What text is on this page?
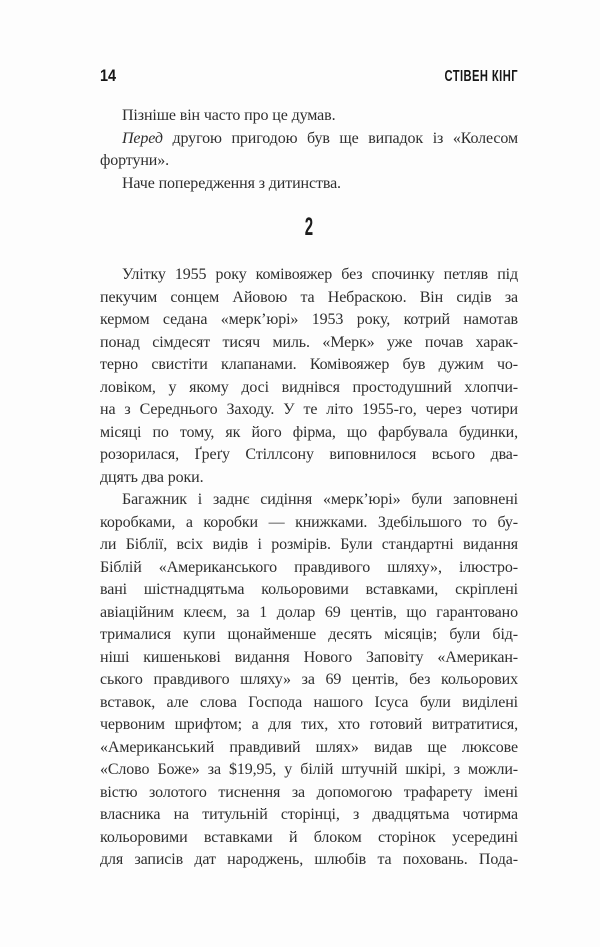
14	СТІВЕН КІНГ
Пізніше він часто про це думав.
Перед другою пригодою був ще випадок із «Колесом
фортуни».
Наче попередження з дитинства.
2
Улітку 1955 року комівояжер без спочинку петляв під
пекучим сонцем Айовою та Небраскою. Він сидів за
кермом седана «мерк’юрі» 1953 року, котрий намотав
понад сімдесят тисяч миль. «Мерк» уже почав харак-
терно свистіти клапанами. Комівояжер був дужим чо-
ловіком, у якому досі виднівся простодушний хлопчи-
на з Середнього Заходу. У те літо 1955-го, через чотири
місяці по тому, як його фірма, що фарбувала будинки,
розорилася, Ґреґу Стіллсону виповнилося всього два-
дцять два роки.
Багажник і заднє сидіння «мерк’юрі» були заповнені
коробками, а коробки — книжками. Здебільшого то бу-
ли Біблії, всіх видів і розмірів. Були стандартні видання
Біблій «Американського правдивого шляху», ілюстро-
вані шістнадцятьма кольоровими вставками, скріплені
авіаційним клеєм, за 1 долар 69 центів, що гарантовано
трималися купи щонайменше десять місяців; були бід-
ніші кишенькові видання Нового Заповіту «Американ-
ського правдивого шляху» за 69 центів, без кольорових
вставок, але слова Господа нашого Ісуса були виділені
червоним шрифтом; а для тих, хто готовий витратитися,
«Американський правдивий шлях» видав ще люксове
«Слово Боже» за $19,95, у білій штучній шкірі, з можли-
вістю золотого тиснення за допомогою трафарету імені
власника на титульній сторінці, з двадцятьма чотирма
кольоровими вставками й блоком сторінок усередині
для записів дат народжень, шлюбів та поховань. Пода-
